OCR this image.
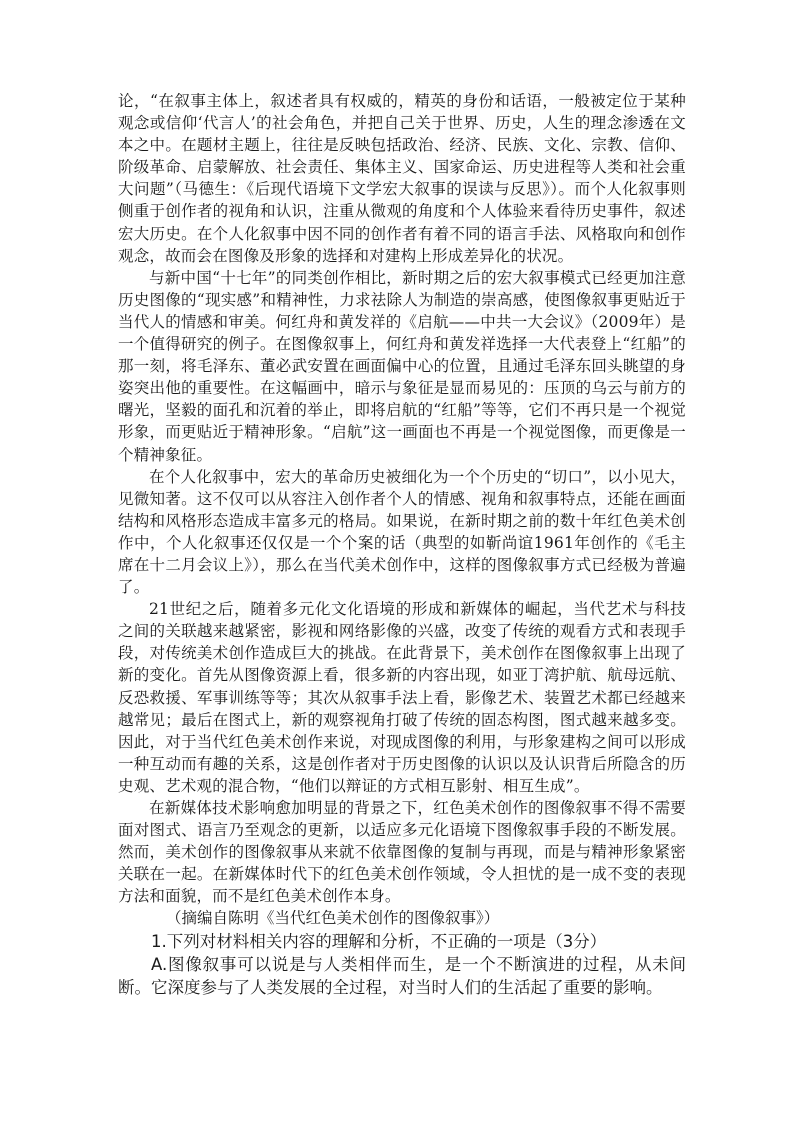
论，“在叙事主体上，叙述者具有权威的，精英的身份和话语，一般被定位于某种观念或信仰‘代言人’的社会角色，并把自己关于世界、历史，人生的理念渗透在文本之中。在题材主题上，往往是反映包括政治、经济、民族、文化、宗教、信仰、阶级革命、启蒙解放、社会责任、集体主义、国家命运、历史进程等人类和社会重大问题”（马德生：《后现代语境下文学宏大叙事的误读与反思》）。而个人化叙事则侧重于创作者的视角和认识，注重从微观的角度和个人体验来看待历史事件，叙述宏大历史。在个人化叙事中因不同的创作者有着不同的语言手法、风格取向和创作观念，故而会在图像及形象的选择和对建构上形成差异化的状况。

与新中国“十七年”的同类创作相比，新时期之后的宏大叙事模式已经更加注意历史图像的“现实感”和精神性，力求祛除人为制造的崇高感，使图像叙事更贴近于当代人的情感和审美。何红舟和黄发祥的《启航——中共一大会议》（2009年）是一个值得研究的例子。在图像叙事上，何红舟和黄发祥选择一大代表登上“红船”的那一刻，将毛泽东、董必武安置在画面偏中心的位置，且通过毛泽东回头眺望的身姿突出他的重要性。在这幅画中，暗示与象征是显而易见的：压顶的乌云与前方的曙光，坚毅的面孔和沉着的举止，即将启航的“红船”等等，它们不再只是一个视觉形象，而更贴近于精神形象。“启航”这一画面也不再是一个视觉图像，而更像是一个精神象征。

在个人化叙事中，宏大的革命历史被细化为一个个历史的“切口”，以小见大，见微知著。这不仅可以从容注入创作者个人的情感、视角和叙事特点，还能在画面结构和风格形态造成丰富多元的格局。如果说，在新时期之前的数十年红色美术创作中，个人化叙事还仅仅是一个个案的话（典型的如靳尚谊1961年创作的《毛主席在十二月会议上》），那么在当代美术创作中，这样的图像叙事方式已经极为普遍了。

21世纪之后，随着多元化文化语境的形成和新媒体的崛起，当代艺术与科技之间的关联越来越紧密，影视和网络影像的兴盛，改变了传统的观看方式和表现手段，对传统美术创作造成巨大的挑战。在此背景下，美术创作在图像叙事上出现了新的变化。首先从图像资源上看，很多新的内容出现，如亚丁湾护航、航母远航、反恐救援、军事训练等等；其次从叙事手法上看，影像艺术、装置艺术都已经越来越常见；最后在图式上，新的观察视角打破了传统的固态构图，图式越来越多变。因此，对于当代红色美术创作来说，对现成图像的利用，与形象建构之间可以形成一种互动而有趣的关系，这是创作者对于历史图像的认识以及认识背后所隐含的历史观、艺术观的混合物，“他们以辩证的方式相互影射、相互生成”。

在新媒体技术影响愈加明显的背景之下，红色美术创作的图像叙事不得不需要面对图式、语言乃至观念的更新，以适应多元化语境下图像叙事手段的不断发展。然而，美术创作的图像叙事从来就不依靠图像的复制与再现，而是与精神形象紧密关联在一起。在新媒体时代下的红色美术创作领域，令人担忧的是一成不变的表现方法和面貌，而不是红色美术创作本身。

（摘编自陈明《当代红色美术创作的图像叙事》）

1.下列对材料相关内容的理解和分析，不正确的一项是（3分）

A.图像叙事可以说是与人类相伴而生，是一个不断演进的过程，从未间断。它深度参与了人类发展的全过程，对当时人们的生活起了重要的影响。
